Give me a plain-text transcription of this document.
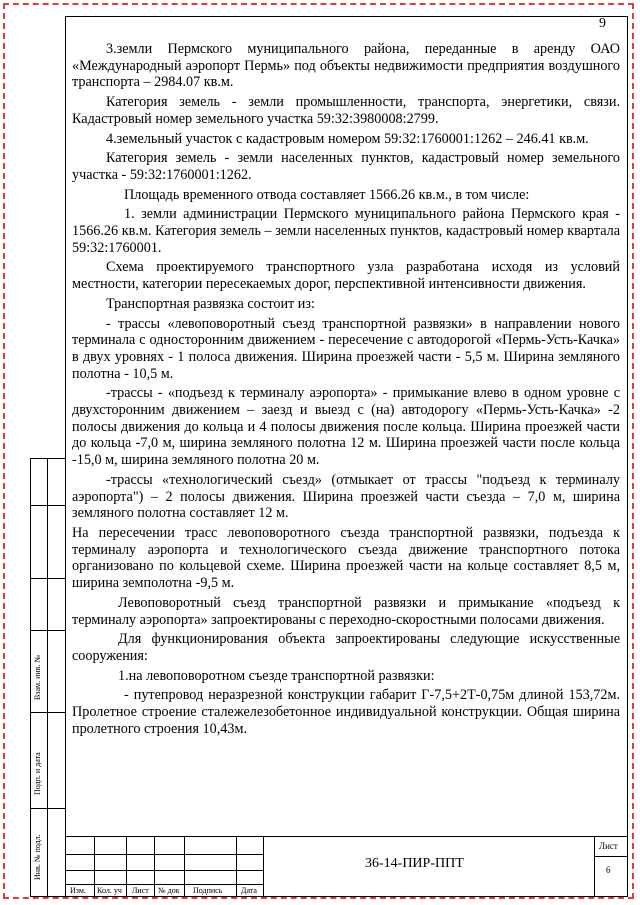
9

3.земли Пермского муниципального района, переданные в аренду ОАО «Международный аэропорт Пермь» под объекты недвижимости предприятия воздушного транспорта – 2984.07 кв.м.

Категория земель - земли промышленности, транспорта, энергетики, связи. Кадастровый номер земельного участка 59:32:3980008:2799.

4.земельный участок с кадастровым номером 59:32:1760001:1262 – 246.41 кв.м.

Категория земель - земли населенных пунктов, кадастровый номер земельного участка - 59:32:1760001:1262.

Площадь временного отвода составляет 1566.26 кв.м., в том числе:

1. земли администрации Пермского муниципального района Пермского края - 1566.26 кв.м. Категория земель – земли населенных пунктов, кадастровый номер квартала 59:32:1760001.

Схема проектируемого транспортного узла разработана исходя из условий местности, категории пересекаемых дорог, перспективной интенсивности движения.

Транспортная развязка состоит из:

- трассы «левоповоротный съезд транспортной развязки» в направлении нового терминала с односторонним движением - пересечение с автодорогой «Пермь-Усть-Качка» в двух уровнях - 1 полоса движения. Ширина проезжей части - 5,5 м. Ширина земляного полотна - 10,5 м.

-трассы - «подъезд к терминалу аэропорта» - примыкание влево в одном уровне с двухсторонним движением – заезд и выезд с (на) автодорогу «Пермь-Усть-Качка» -2 полосы движения до кольца и 4 полосы движения после кольца. Ширина проезжей части до кольца -7,0 м, ширина земляного полотна 12 м. Ширина проезжей части после кольца -15,0 м, ширина земляного полотна 20 м.

-трассы «технологический съезд» (отмыкает от трассы "подъезд к терминалу аэропорта") – 2 полосы движения. Ширина проезжей части съезда – 7,0 м, ширина земляного полотна составляет 12 м.

На пересечении трасс левоповоротного съезда транспортной развязки, подъезда к терминалу аэропорта и технологического съезда движение транспортного потока организовано по кольцевой схеме. Ширина проезжей части на кольце составляет 8,5 м, ширина земполотна -9,5 м.

Левоповоротный съезд транспортной развязки и примыкание «подъезд к терминалу аэропорта» запроектированы с переходно-скоростными полосами движения.

Для функционирования объекта запроектированы следующие искусственные сооружения:

1.на левоповоротном съезде транспортной развязки:

- путепровод неразрезной конструкции габарит Г-7,5+2Т-0,75м длиной 153,72м. Пролетное строение сталежелезобетонное индивидуальной конструкции. Общая ширина пролетного строения 10,43м.

Взам. инв. №
Подп. и дата
Инв. № подл.
Изм. Кол. уч Лист № док Подпись Дата
36-14-ПИР-ППТ
Лист
6
